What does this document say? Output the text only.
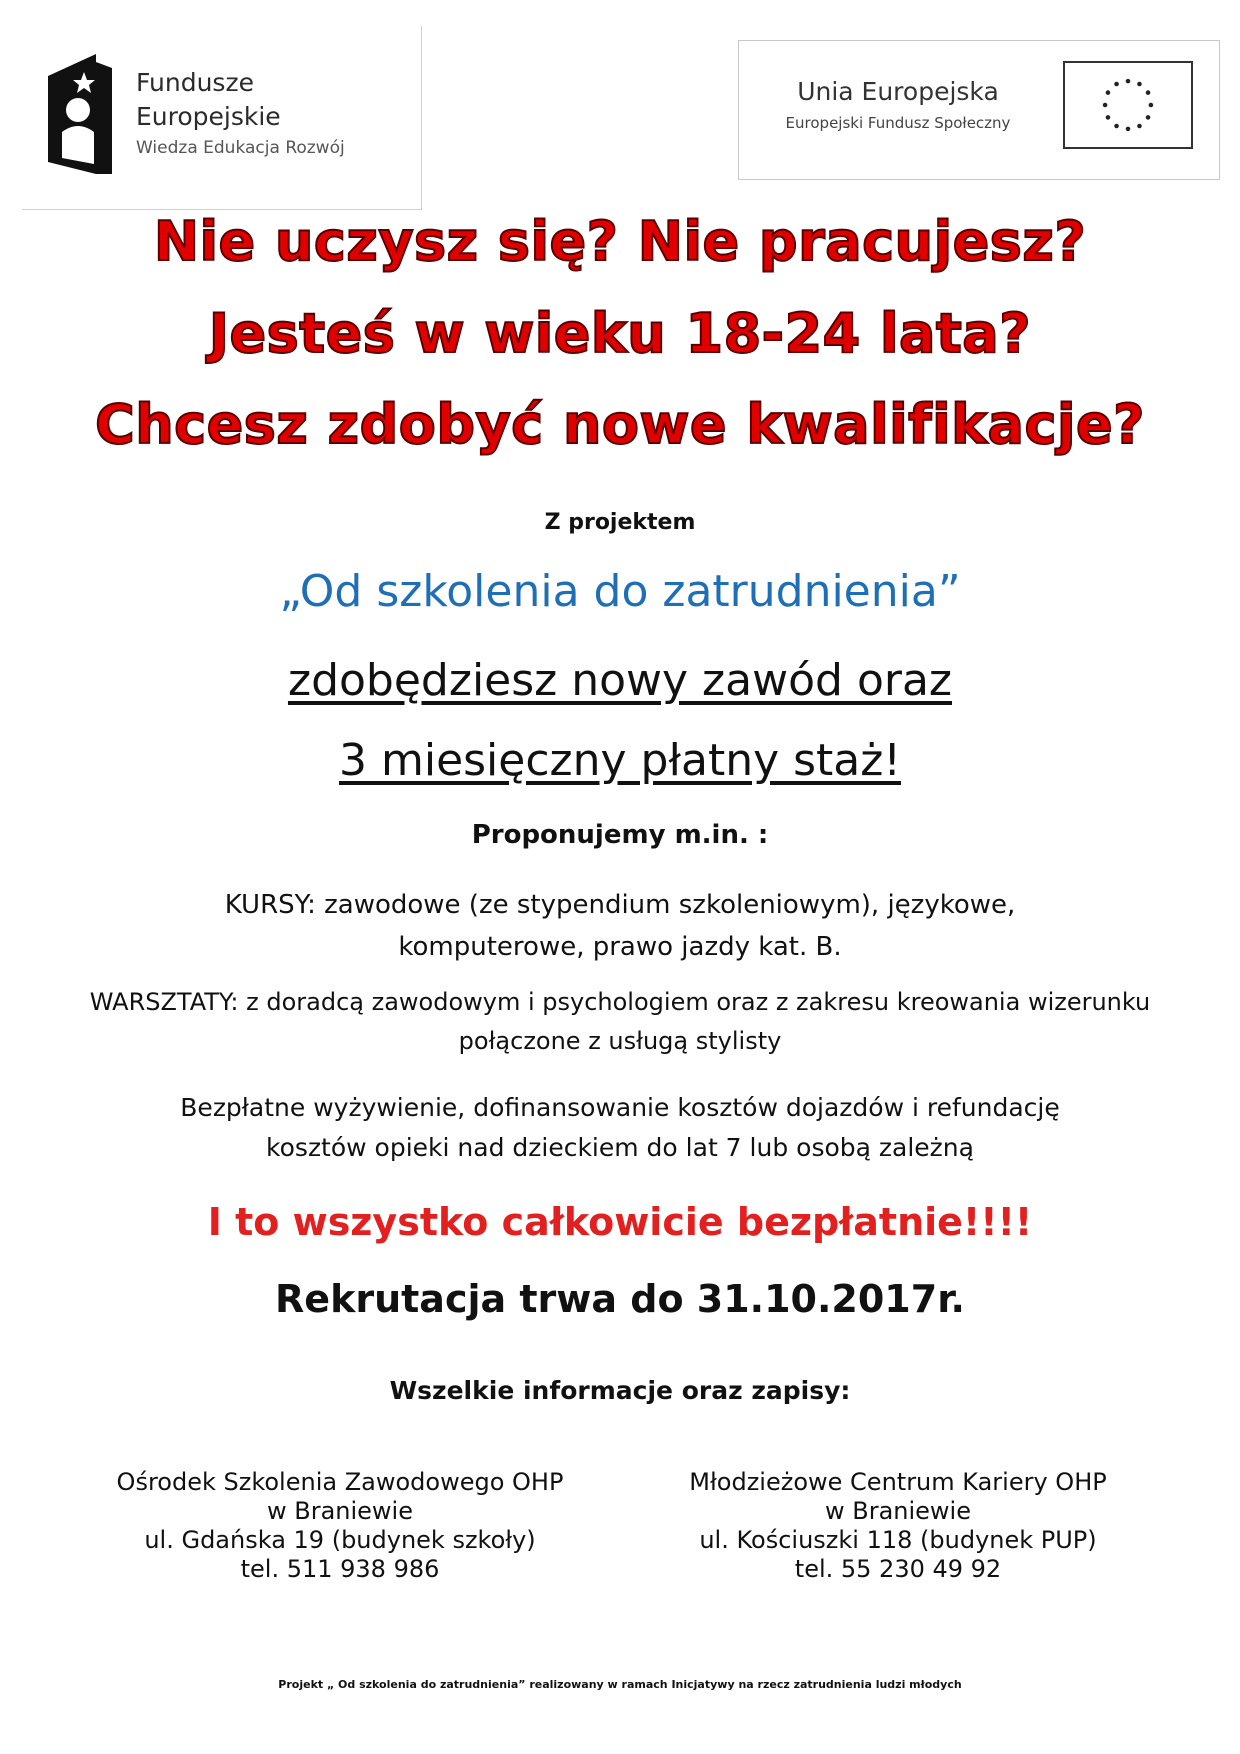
Fundusze
Europejskie
Wiedza Edukacja Rozwój
Unia Europejska
Europejski Fundusz Społeczny
Nie uczysz się? Nie pracujesz?
Jesteś w wieku 18-24 lata?
Chcesz zdobyć nowe kwalifikacje?
Z projektem
„Od szkolenia do zatrudnienia”
zdobędziesz nowy zawód oraz
3 miesięczny płatny staż!
Proponujemy m.in. :
KURSY: zawodowe (ze stypendium szkoleniowym), językowe,
komputerowe, prawo jazdy kat. B.
WARSZTATY: z doradcą zawodowym i psychologiem oraz z zakresu kreowania wizerunku
połączone z usługą stylisty
Bezpłatne wyżywienie, dofinansowanie kosztów dojazdów i refundację
kosztów opieki nad dzieckiem do lat 7 lub osobą zależną
I to wszystko całkowicie bezpłatnie!!!!
Rekrutacja trwa do 31.10.2017r.
Wszelkie informacje oraz zapisy:
Ośrodek Szkolenia Zawodowego OHP
w Braniewie
ul. Gdańska 19 (budynek szkoły)
tel. 511 938 986
Młodzieżowe Centrum Kariery OHP
w Braniewie
ul. Kościuszki 118 (budynek PUP)
tel. 55 230 49 92
Projekt „ Od szkolenia do zatrudnienia” realizowany w ramach Inicjatywy na rzecz zatrudnienia ludzi młodych
